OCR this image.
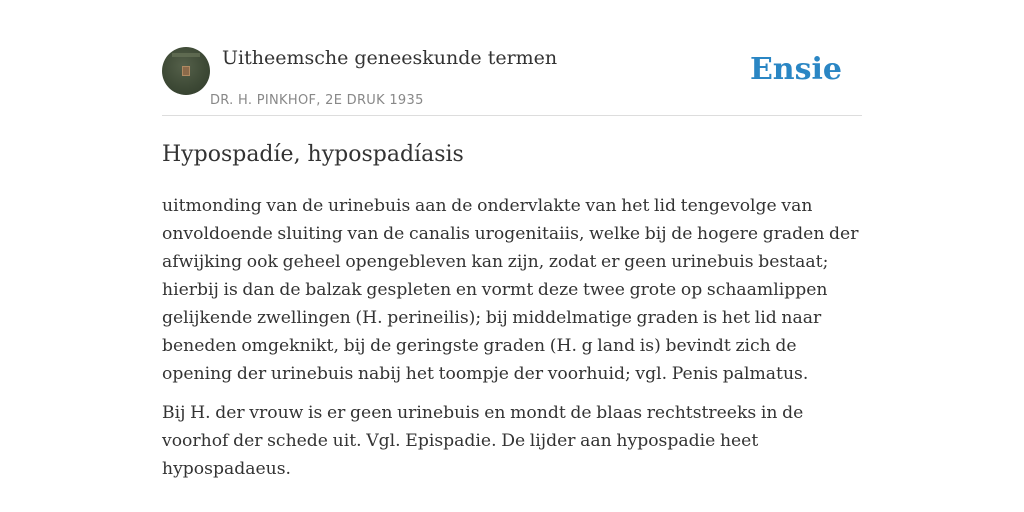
Uitheemsche geneeskunde termen
DR. H. PINKHOF, 2E DRUK 1935
Ensie
Hypospadíe, hypospadíasis

uitmonding van de urinebuis aan de ondervlakte van het lid tengevolge van onvoldoende sluiting van de canalis urogenitaiis, welke bij de hogere graden der afwijking ook geheel opengebleven kan zijn, zodat er geen urinebuis bestaat; hierbij is dan de balzak gespleten en vormt deze twee grote op schaamlippen gelijkende zwellingen (H. perineilis); bij middelmatige graden is het lid naar beneden omgeknikt, bij de geringste graden (H. g land is) bevindt zich de opening der urinebuis nabij het toompje der voorhuid; vgl. Penis palmatus.

Bij H. der vrouw is er geen urinebuis en mondt de blaas rechtstreeks in de voorhof der schede uit. Vgl. Epispadie. De lijder aan hypospadie heet hypospadaeus.
